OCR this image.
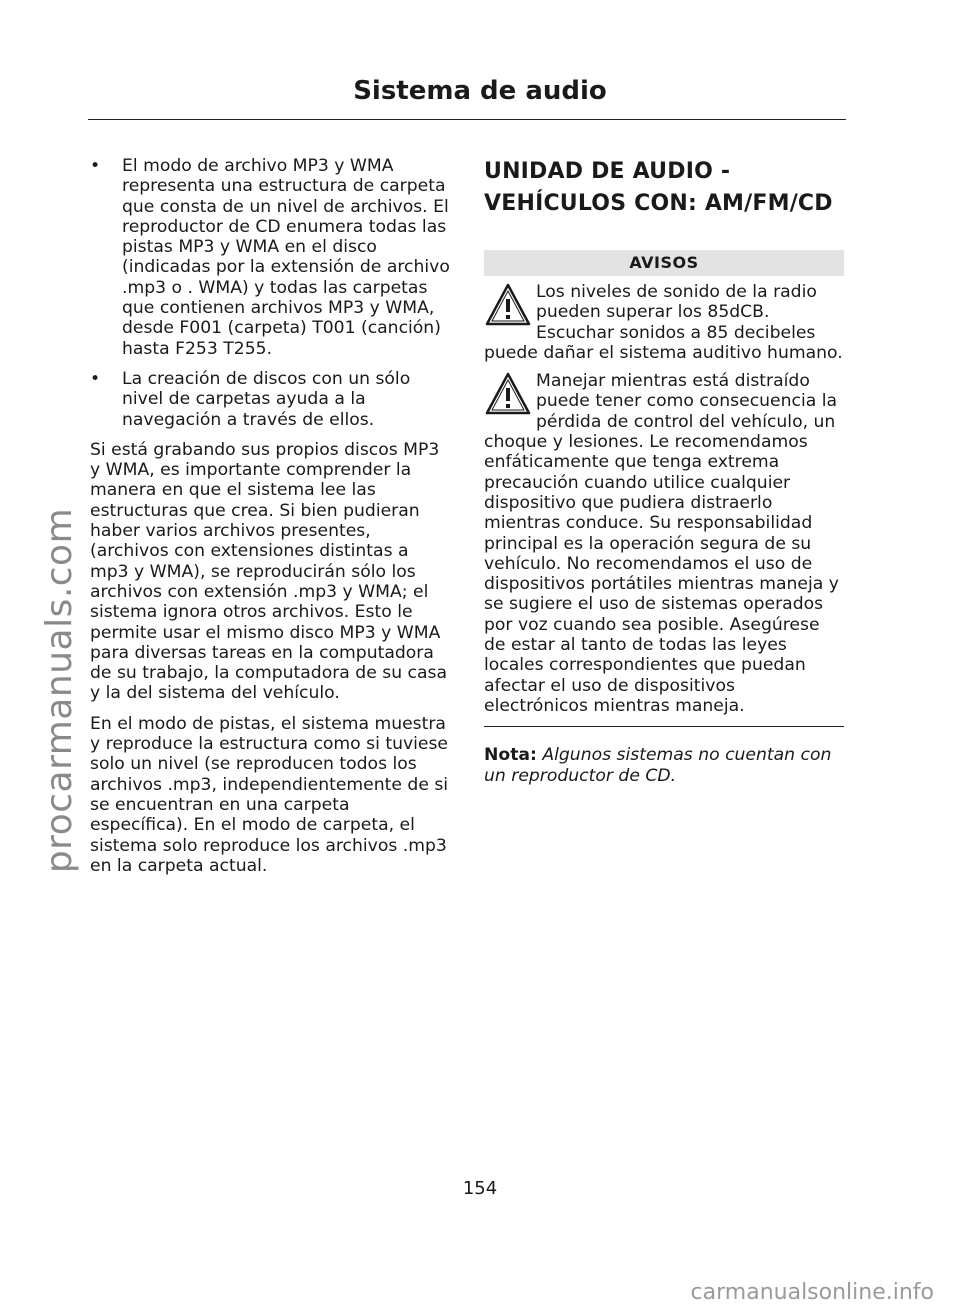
procarmanuals.com
Sistema de audio
•	El modo de archivo MP3 y WMA representa una estructura de carpeta que consta de un nivel de archivos. El reproductor de CD enumera todas las pistas MP3 y WMA en el disco (indicadas por la extensión de archivo .mp3 o . WMA) y todas las carpetas que contienen archivos MP3 y WMA, desde F001 (carpeta) T001 (canción) hasta F253 T255.
•	La creación de discos con un sólo nivel de carpetas ayuda a la navegación a través de ellos.

Si está grabando sus propios discos MP3 y WMA, es importante comprender la manera en que el sistema lee las estructuras que crea. Si bien pudieran haber varios archivos presentes, (archivos con extensiones distintas a mp3 y WMA), se reproducirán sólo los archivos con extensión .mp3 y WMA; el sistema ignora otros archivos. Esto le permite usar el mismo disco MP3 y WMA para diversas tareas en la computadora de su trabajo, la computadora de su casa y la del sistema del vehículo.

En el modo de pistas, el sistema muestra y reproduce la estructura como si tuviese solo un nivel (se reproducen todos los archivos .mp3, independientemente de si se encuentran en una carpeta específica). En el modo de carpeta, el sistema solo reproduce los archivos .mp3 en la carpeta actual.

UNIDAD DE AUDIO -
VEHÍCULOS CON: AM/FM/CD
AVISOS

Los niveles de sonido de la radio pueden superar los 85dCB. Escuchar sonidos a 85 decibeles puede dañar el sistema auditivo humano.

Manejar mientras está distraído puede tener como consecuencia la pérdida de control del vehículo, un choque y lesiones. Le recomendamos enfáticamente que tenga extrema precaución cuando utilice cualquier dispositivo que pudiera distraerlo mientras conduce. Su responsabilidad principal es la operación segura de su vehículo. No recomendamos el uso de dispositivos portátiles mientras maneja y se sugiere el uso de sistemas operados por voz cuando sea posible. Asegúrese de estar al tanto de todas las leyes locales correspondientes que puedan afectar el uso de dispositivos electrónicos mientras maneja.

Nota: Algunos sistemas no cuentan con un reproductor de CD.

154
carmanualsonline.info
